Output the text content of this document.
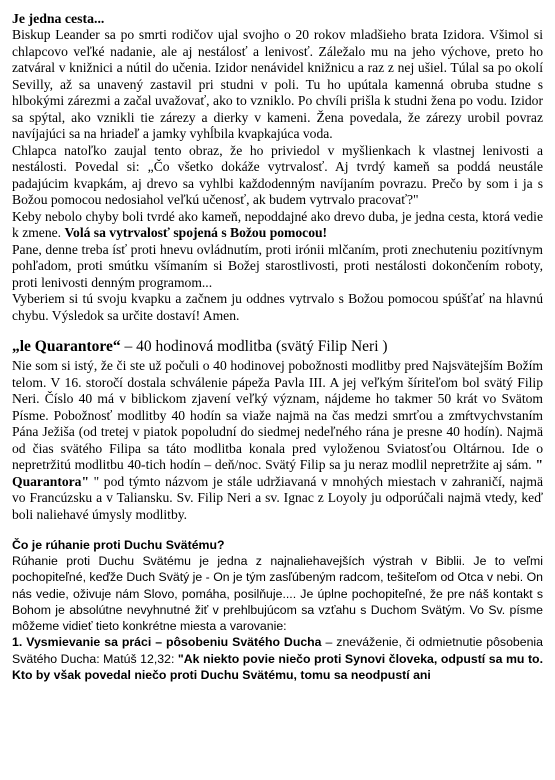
Je jedna cesta...

Biskup Leander sa po smrti rodičov ujal svojho o 20 rokov mladšieho brata Izidora. Všimol si chlapcovo veľké nadanie, ale aj nestálosť a lenivosť. Záležalo mu na jeho výchove, preto ho zatváral v knižnici a nútil do učenia. Izidor nenávidel knižnicu a raz z nej ušiel. Túlal sa po okolí Sevilly, až sa unavený zastavil pri studni v poli. Tu ho upútala kamenná obruba studne s hlbokými zárezmi a začal uvažovať, ako to vzniklo. Po chvíli prišla k studni žena po vodu. Izidor sa spýtal, ako vznikli tie zárezy a dierky v kameni. Žena povedala, že zárezy urobil povraz navíjajúci sa na hriadeľ a jamky vyhĺbila kvapkajúca voda.

Chlapca natoľko zaujal tento obraz, že ho priviedol v myšlienkach k vlastnej lenivosti a nestálosti. Povedal si: „Čo všetko dokáže vytrvalosť. Aj tvrdý kameň sa poddá neustále padajúcim kvapkám, aj drevo sa vyhlbi každodenným navíjaním povrazu. Prečo by som i ja s Božou pomocou nedosiahol veľkú učenosť, ak budem vytrvalo pracovať?"

Keby nebolo chyby boli tvrdé ako kameň, nepoddajné ako drevo duba, je jedna cesta, ktorá vedie k zmene. Volá sa vytrvalosť spojená s Božou pomocou!

Pane, denne treba ísť proti hnevu ovládnutím, proti irónii mlčaním, proti znechuteniu pozitívnym pohľadom, proti smútku všímaním si Božej starostlivosti, proti nestálosti dokončením roboty, proti lenivosti denným programom...

Vyberiem si tú svoju kvapku a začnem ju oddnes vytrvalo s Božou pomocou spúšťať na hlavnú chybu. Výsledok sa určite dostaví! Amen.

„le Quarantore“ – 40 hodinová modlitba (svätý Filip Neri )

Nie som si istý, že či ste už počuli o 40 hodinovej pobožnosti modlitby pred Najsvätejším Božím telom. V 16. storočí dostala schválenie pápeža Pavla III. A jej veľkým šíriteľom bol svätý Filip Neri. Číslo 40 má v biblickom zjavení veľký význam, nájdeme ho takmer 50 krát vo Svätom Písme. Pobožnosť modlitby 40 hodín sa viaže najmä na čas medzi smrťou a zmŕtvychvstaním Pána Ježiša (od tretej v piatok popoludní do siedmej nedeľného rána je presne 40 hodín). Najmä od čias svätého Filipa sa táto modlitba konala pred vyloženou Sviatosťou Oltárnou. Ide o nepretržitú modlitbu 40-tich hodín – deň/noc. Svätý Filip sa ju neraz modlil nepretržite aj sám. " Quarantora" " pod týmto názvom je stále udržiavaná v mnohých miestach v zahraničí, najmä vo Francúzsku a v Taliansku. Sv. Filip Neri a sv. Ignac z Loyoly ju odporúčali najmä vtedy, keď boli naliehavé úmysly modlitby.

Čo je rúhanie proti Duchu Svätému?

Rúhanie proti Duchu Svätému je jedna z najnaliehavejších výstrah v Biblii. Je to veľmi pochopiteľné, keďže Duch Svätý je - On je tým zasľúbeným radcom, tešiteľom od Otca v nebi. On nás vedie, oživuje nám Slovo, pomáha, posilňuje.... Je úplne pochopiteľné, že pre náš kontakt s Bohom je absolútne nevyhnutné žiť v prehlbujúcom sa vzťahu s Duchom Svätým. Vo Sv. písme môžeme vidieť tieto konkrétne miesta a varovanie:

1. Vysmievanie sa práci – pôsobeniu Svätého Ducha – zneváženie, či odmietnutie pôsobenia Svätého Ducha: Matúš 12,32: "Ak niekto povie niečo proti Synovi človeka, odpustí sa mu to. Kto by však povedal niečo proti Duchu Svätému, tomu sa neodpustí ani
